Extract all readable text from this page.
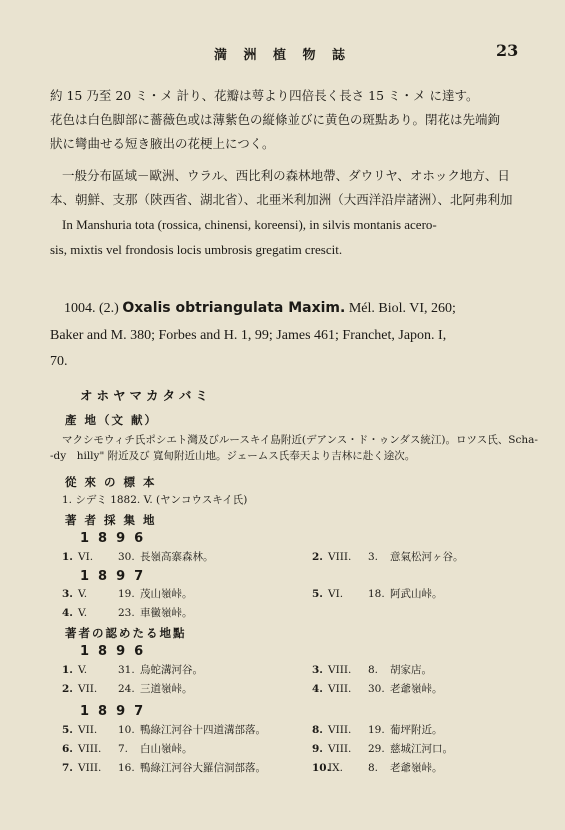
満 洲 植 物 誌	23
約 15 乃至 20 ミ・メ 計り、花瓣は萼より四倍長く長さ 15 ミ・メ に達す。
花色は白色脚部に薔薇色或は薄紫色の縦條並びに黄色の斑點あり。閉花は先端鉤
狀に彎曲せる短き腋出の花梗上につく。
一般分布區域－歐洲、ウラル、西比利の森林地帶、ダウリヤ、オホック地方、日
本、朝鮮、支那（陝西省、湖北省）、北亜米利加洲（大西洋沿岸諸洲）、北阿弗利加
In Manshuria tota (rossica, chinensi, koreensi), in silvis montanis acero-
sis, mixtis vel frondosis locis umbrosis gregatim crescit.
1004. (2.) Oxalis obtriangulata Maxim. Mél. Biol. VI, 260;
Baker and M. 380; Forbes and H. 1, 99; James 461; Franchet, Japon. I,
70.
オホヤマカタバミ
產 地（文 献）
マクシモウィチ氏ポシエト灣及びルースキイ島附近(デアンス・ド・ゥンダス統江)。ロツス氏、Scha-
-dy　hilly" 附近及び 寬甸附近山地。ジェームス氏奉天より吉林に赴く途次。
從 來 の 標 本
1. シデミ 1882. V. (ヤンコウスキイ氏)
著 者 採 集 地
1896
1. VI. 30. 長嶺高寨森林。	2. VIII. 3. 意氣松河ヶ谷。
1897
3. V.	19. 茂山嶺峠。	5. VI. 18. 阿武山峠。
4. V.	23. 車黴嶺峠。
著者の認めたる地點
1896
1. V.	31. 烏蛇溝河谷。	3. VIII. 8. 胡家店。
2. VII. 24. 三道嶺峠。	4. VIII. 30. 老爺嶺峠。
1897
5. VII. 10. 鴨綠江河谷十四道溝部落。	8. VIII. 19. 葡坪附近。
6. VIII. 7. 白山嶺峠。	9. VIII. 29. 慈城江河口。
7. VIII. 16. 鴨綠江河谷大羅信洞部落。	10.IX. 8. 老爺嶺峠。
